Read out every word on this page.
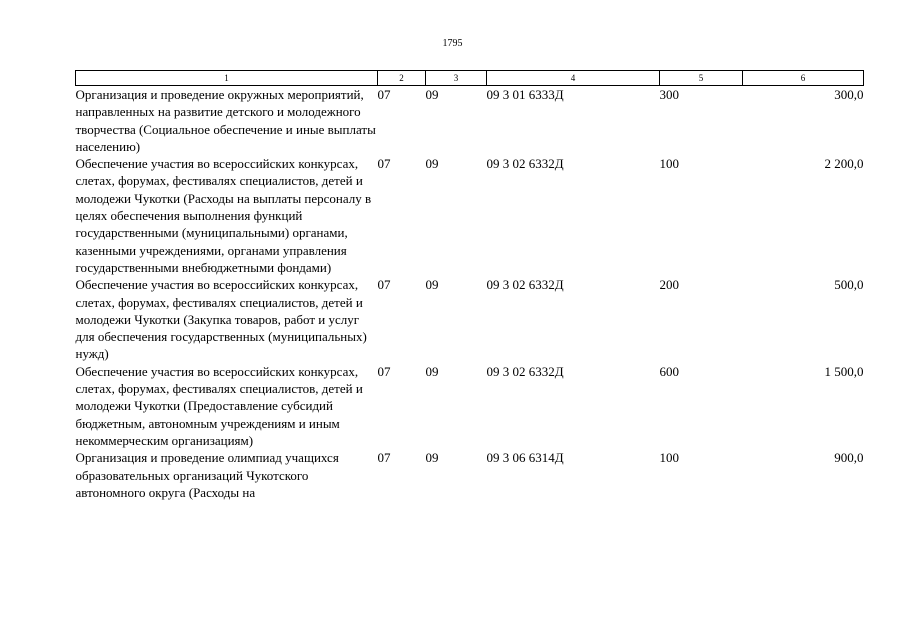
1795
1	2	3	4	5	6
Организация и проведение окружных мероприятий, направленных на развитие детского и молодежного творчества (Социальное обеспечение и иные выплаты населению)	07	09	09 3 01 6333Д	300	300,0
Обеспечение участия во всероссийских конкурсах, слетах, форумах, фестивалях специалистов, детей и молодежи Чукотки (Расходы на выплаты персоналу в целях обеспечения выполнения функций государственными (муниципальными) органами, казенными учреждениями, органами управления государственными внебюджетными фондами)	07	09	09 3 02 6332Д	100	2 200,0
Обеспечение участия во всероссийских конкурсах, слетах, форумах, фестивалях специалистов, детей и молодежи Чукотки (Закупка товаров, работ и услуг для обеспечения государственных (муниципальных) нужд)	07	09	09 3 02 6332Д	200	500,0
Обеспечение участия во всероссийских конкурсах, слетах, форумах, фестивалях специалистов, детей и молодежи Чукотки (Предоставление субсидий бюджетным, автономным учреждениям и иным некоммерческим организациям)	07	09	09 3 02 6332Д	600	1 500,0
Организация и проведение олимпиад учащихся образовательных организаций Чукотского автономного округа (Расходы на	07	09	09 3 06 6314Д	100	900,0
